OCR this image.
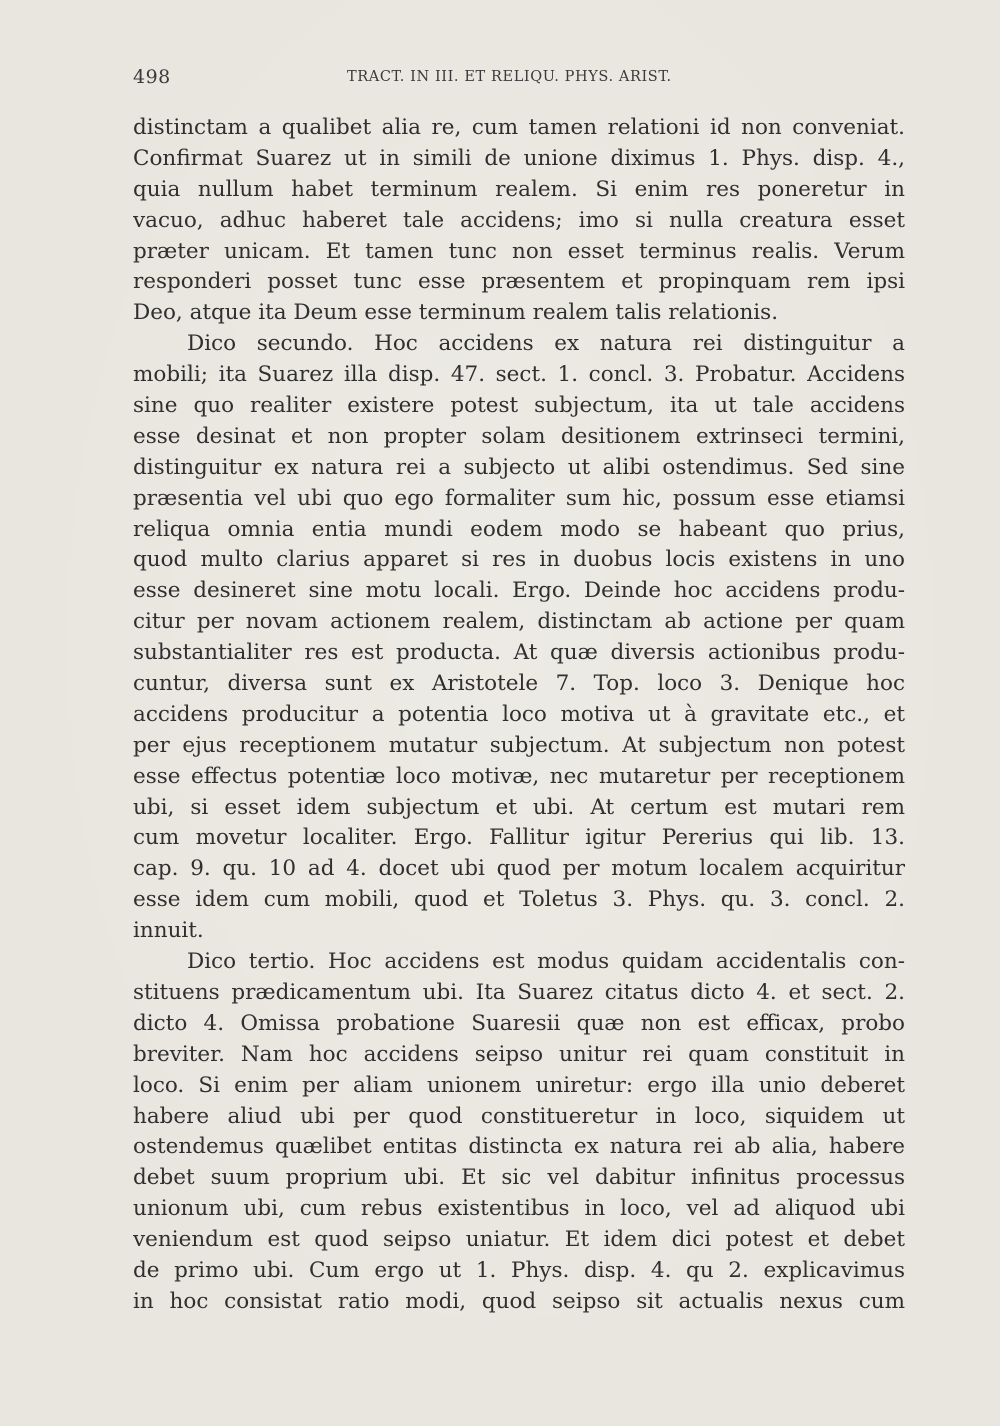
498	TRACT. IN III. ET RELIQU. PHYS. ARIST.
distinctam a qualibet alia re, cum tamen relationi id non conveniat.
Confirmat Suarez ut in simili de unione diximus 1. Phys. disp. 4.,
quia nullum habet terminum realem. Si enim res poneretur in
vacuo, adhuc haberet tale accidens; imo si nulla creatura esset
præter unicam. Et tamen tunc non esset terminus realis. Verum
responderi posset tunc esse præsentem et propinquam rem ipsi
Deo, atque ita Deum esse terminum realem talis relationis.
Dico secundo. Hoc accidens ex natura rei distinguitur a
mobili; ita Suarez illa disp. 47. sect. 1. concl. 3. Probatur. Accidens
sine quo realiter existere potest subjectum, ita ut tale accidens
esse desinat et non propter solam desitionem extrinseci termini,
distinguitur ex natura rei a subjecto ut alibi ostendimus. Sed sine
præsentia vel ubi quo ego formaliter sum hic, possum esse etiamsi
reliqua omnia entia mundi eodem modo se habeant quo prius,
quod multo clarius apparet si res in duobus locis existens in uno
esse desineret sine motu locali. Ergo. Deinde hoc accidens produ-
citur per novam actionem realem, distinctam ab actione per quam
substantialiter res est producta. At quæ diversis actionibus produ-
cuntur, diversa sunt ex Aristotele 7. Top. loco 3. Denique hoc
accidens producitur a potentia loco motiva ut à gravitate etc., et
per ejus receptionem mutatur subjectum. At subjectum non potest
esse effectus potentiæ loco motivæ, nec mutaretur per receptionem
ubi, si esset idem subjectum et ubi. At certum est mutari rem
cum movetur localiter. Ergo. Fallitur igitur Pererius qui lib. 13.
cap. 9. qu. 10 ad 4. docet ubi quod per motum localem acquiritur
esse idem cum mobili, quod et Toletus 3. Phys. qu. 3. concl. 2.
innuit.
Dico tertio. Hoc accidens est modus quidam accidentalis con-
stituens prædicamentum ubi. Ita Suarez citatus dicto 4. et sect. 2.
dicto 4. Omissa probatione Suaresii quæ non est efficax, probo
breviter. Nam hoc accidens seipso unitur rei quam constituit in
loco. Si enim per aliam unionem uniretur: ergo illa unio deberet
habere aliud ubi per quod constitueretur in loco, siquidem ut
ostendemus quælibet entitas distincta ex natura rei ab alia, habere
debet suum proprium ubi. Et sic vel dabitur infinitus processus
unionum ubi, cum rebus existentibus in loco, vel ad aliquod ubi
veniendum est quod seipso uniatur. Et idem dici potest et debet
de primo ubi. Cum ergo ut 1. Phys. disp. 4. qu 2. explicavimus
in hoc consistat ratio modi, quod seipso sit actualis nexus cum
